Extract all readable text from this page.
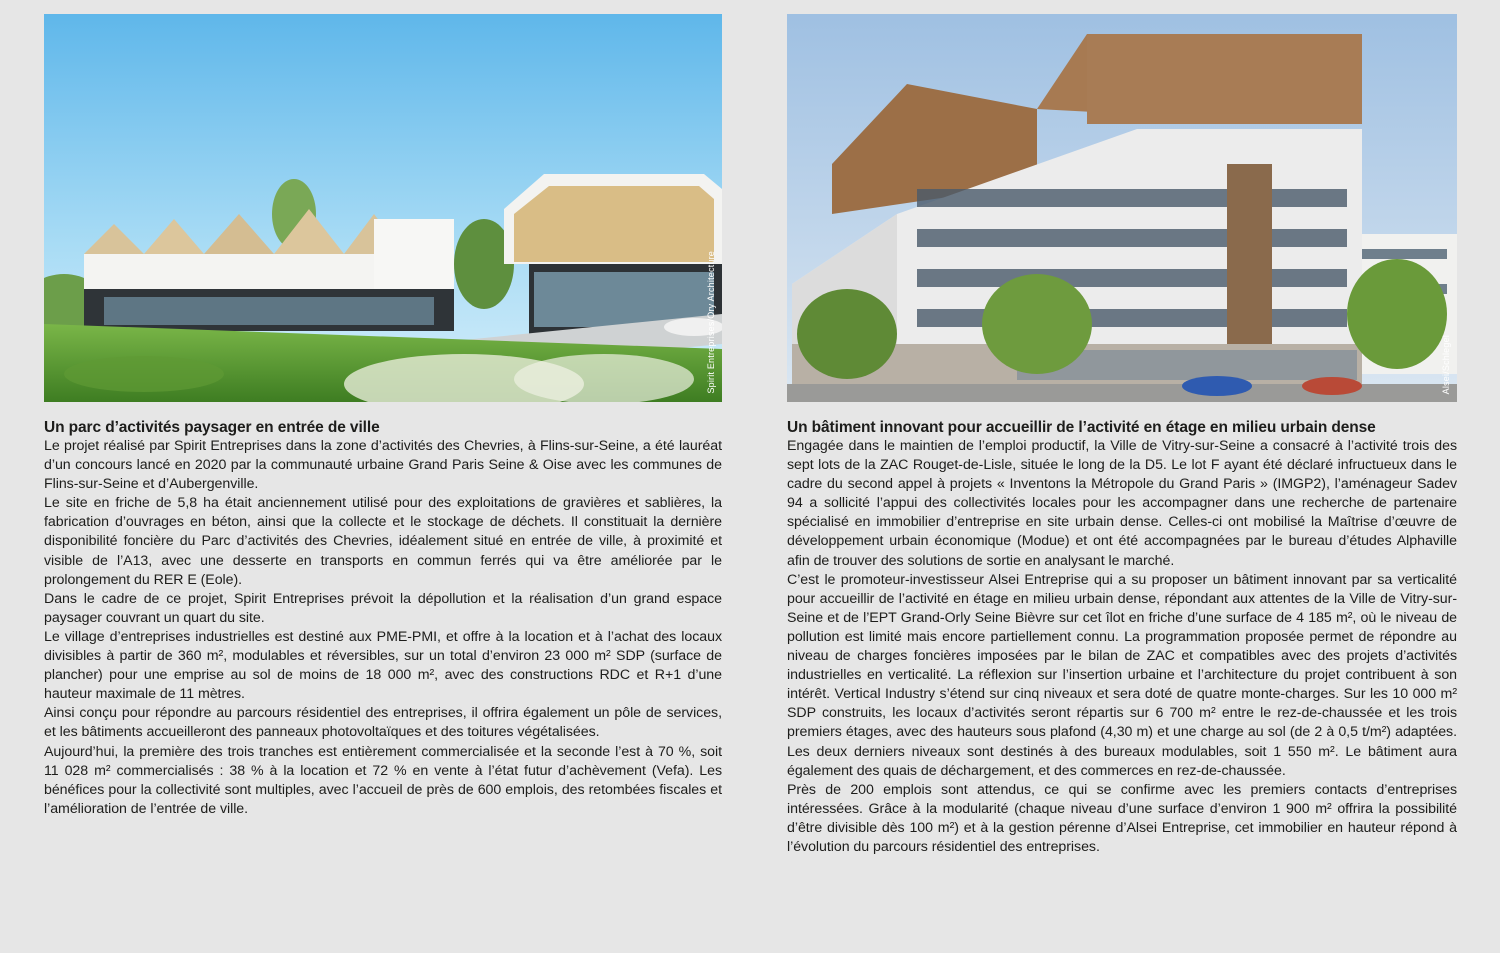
Spirit Entreprises/Ory Architecture
Un parc d’activités paysager en entrée de ville

Le projet réalisé par Spirit Entreprises dans la zone d’activités des Chevries, à Flins-sur-Seine, a été lauréat d’un concours lancé en 2020 par la communauté urbaine Grand Paris Seine & Oise avec les communes de Flins-sur-Seine et d’Aubergenville.

Le site en friche de 5,8 ha était anciennement utilisé pour des exploitations de gravières et sablières, la fabrication d’ouvrages en béton, ainsi que la collecte et le stockage de déchets. Il constituait la dernière disponibilité foncière du Parc d’activités des Chevries, idéalement situé en entrée de ville, à proximité et visible de l’A13, avec une desserte en transports en commun ferrés qui va être améliorée par le prolongement du RER E (Eole).

Dans le cadre de ce projet, Spirit Entreprises prévoit la dépollution et la réalisation d’un grand espace paysager couvrant un quart du site.

Le village d’entreprises industrielles est destiné aux PME-PMI, et offre à la location et à l’achat des locaux divisibles à partir de 360 m², modulables et réversibles, sur un total d’environ 23 000 m² SDP (surface de plancher) pour une emprise au sol de moins de 18 000 m², avec des constructions RDC et R+1 d’une hauteur maximale de 11 mètres.

Ainsi conçu pour répondre au parcours résidentiel des entreprises, il offrira également un pôle de services, et les bâtiments accueilleront des panneaux photovoltaïques et des toitures végétalisées.

Aujourd’hui, la première des trois tranches est entièrement commercialisée et la seconde l’est à 70 %, soit 11 028 m² commercialisés : 38 % à la location et 72 % en vente à l’état futur d’achèvement (Vefa). Les bénéfices pour la collectivité sont multiples, avec l’accueil de près de 600 emplois, des retombées fiscales et l’amélioration de l’entrée de ville.

Alsei/Schlegel
Un bâtiment innovant pour accueillir de l’activité en étage en milieu urbain dense

Engagée dans le maintien de l’emploi productif, la Ville de Vitry-sur-Seine a consacré à l’activité trois des sept lots de la ZAC Rouget-de-Lisle, située le long de la D5. Le lot F ayant été déclaré infructueux dans le cadre du second appel à projets « Inventons la Métropole du Grand Paris » (IMGP2), l’aménageur Sadev 94 a sollicité l’appui des collectivités locales pour les accompagner dans une recherche de partenaire spécialisé en immobilier d’entreprise en site urbain dense. Celles-ci ont mobilisé la Maîtrise d’œuvre de développement urbain économique (Modue) et ont été accompagnées par le bureau d’études Alphaville afin de trouver des solutions de sortie en analysant le marché.

C’est le promoteur-investisseur Alsei Entreprise qui a su proposer un bâtiment innovant par sa verticalité pour accueillir de l’activité en étage en milieu urbain dense, répondant aux attentes de la Ville de Vitry-sur-Seine et de l’EPT Grand-Orly Seine Bièvre sur cet îlot en friche d’une surface de 4 185 m², où le niveau de pollution est limité mais encore partiellement connu. La programmation proposée permet de répondre au niveau de charges foncières imposées par le bilan de ZAC et compatibles avec des projets d’activités industrielles en verticalité. La réflexion sur l’insertion urbaine et l’architecture du projet contribuent à son intérêt. Vertical Industry s’étend sur cinq niveaux et sera doté de quatre monte-charges. Sur les 10 000 m² SDP construits, les locaux d’activités seront répartis sur 6 700 m² entre le rez-de-chaussée et les trois premiers étages, avec des hauteurs sous plafond (4,30 m) et une charge au sol (de 2 à 0,5 t/m²) adaptées. Les deux derniers niveaux sont destinés à des bureaux modulables, soit 1 550 m². Le bâtiment aura également des quais de déchargement, et des commerces en rez-de-chaussée.

Près de 200 emplois sont attendus, ce qui se confirme avec les premiers contacts d’entreprises intéressées. Grâce à la modularité (chaque niveau d’une surface d’environ 1 900 m² offrira la possibilité d’être divisible dès 100 m²) et à la gestion pérenne d’Alsei Entreprise, cet immobilier en hauteur répond à l’évolution du parcours résidentiel des entreprises.
